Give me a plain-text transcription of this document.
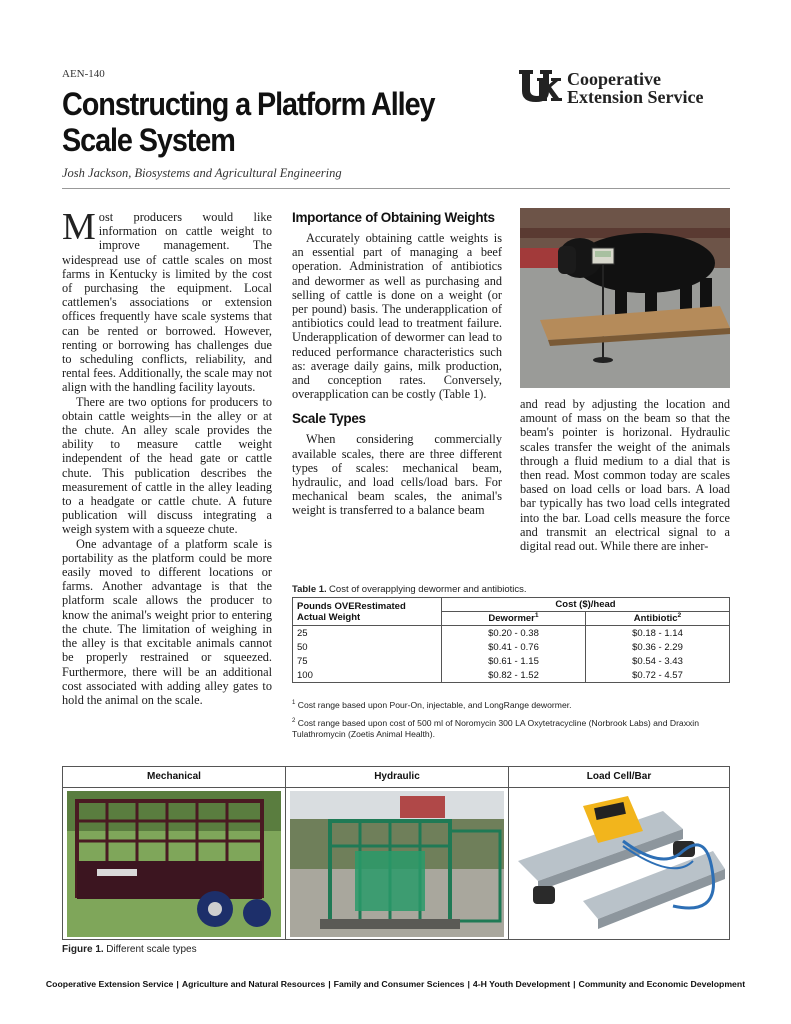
AEN-140
Constructing a Platform Alley Scale System
Josh Jackson, Biosystems and Agricultural Engineering
Cooperative
Extension Service

Most producers would like information on cattle weight to improve management. The widespread use of cattle scales on most farms in Kentucky is limited by the cost of purchasing the equipment. Local cattlemen's associations or extension offices frequently have scale systems that can be rented or borrowed. However, renting or borrowing has challenges due to scheduling conflicts, reliability, and rental fees. Additionally, the scale may not align with the handling facility layouts.

There are two options for producers to obtain cattle weights—in the alley or at the chute. An alley scale provides the ability to measure cattle weight independent of the head gate or cattle chute. This publication describes the measurement of cattle in the alley leading to a headgate or cattle chute. A future publication will discuss integrating a weigh system with a squeeze chute.

One advantage of a platform scale is portability as the platform could be more easily moved to different locations or farms. Another advantage is that the platform scale allows the producer to know the animal's weight prior to entering the chute. The limitation of weighing in the alley is that excitable animals cannot be properly restrained or squeezed. Furthermore, there will be an additional cost associated with adding alley gates to hold the animal on the scale.

Importance of Obtaining Weights

Accurately obtaining cattle weights is an essential part of managing a beef operation. Administration of antibiotics and dewormer as well as purchasing and selling of cattle is done on a weight (or per pound) basis. The underapplication of antibiotics could lead to treatment failure. Underapplication of dewormer can lead to reduced performance characteristics such as: average daily gains, milk production, and conception rates. Conversely, overapplication can be costly (Table 1).

Scale Types

When considering commercially available scales, there are three different types of scales: mechanical beam, hydraulic, and load cells/load bars. For mechanical beam scales, the animal's weight is transferred to a balance beam

and read by adjusting the location and amount of mass on the beam so that the beam's pointer is horizonal. Hydraulic scales transfer the weight of the animals through a fluid medium to a dial that is then read. Most common today are scales based on load cells or load bars. A load bar typically has two load cells integrated into the bar. Load cells measure the force and transmit an electrical signal to a digital read out. While there are inher-

Table 1. Cost of overapplying dewormer and antibiotics.
Pounds OVERestimated Actual Weight	Cost ($)/head	
	Dewormer$^1$	Antibiotic$^2$
25	$0.20 - 0.38	$0.18 - 1.14
50	$0.41 - 0.76	$0.36 - 2.29
75	$0.61 - 1.15	$0.54 - 3.43
100	$0.82 - 1.52	$0.72 - 4.57
$^1$ Cost range based upon Pour-On, injectable, and LongRange dewormer.
$^2$ Cost range based upon cost of 500 ml of Noromycin 300 LA Oxytetracycline (Norbrook Labs) and Draxxin Tulathromycin (Zoetis Animal Health).
Mechanical	Hydraulic	Load Cell/Bar
Figure 1. Different scale types
Cooperative Extension Service | Agriculture and Natural Resources | Family and Consumer Sciences | 4-H Youth Development | Community and Economic Development
